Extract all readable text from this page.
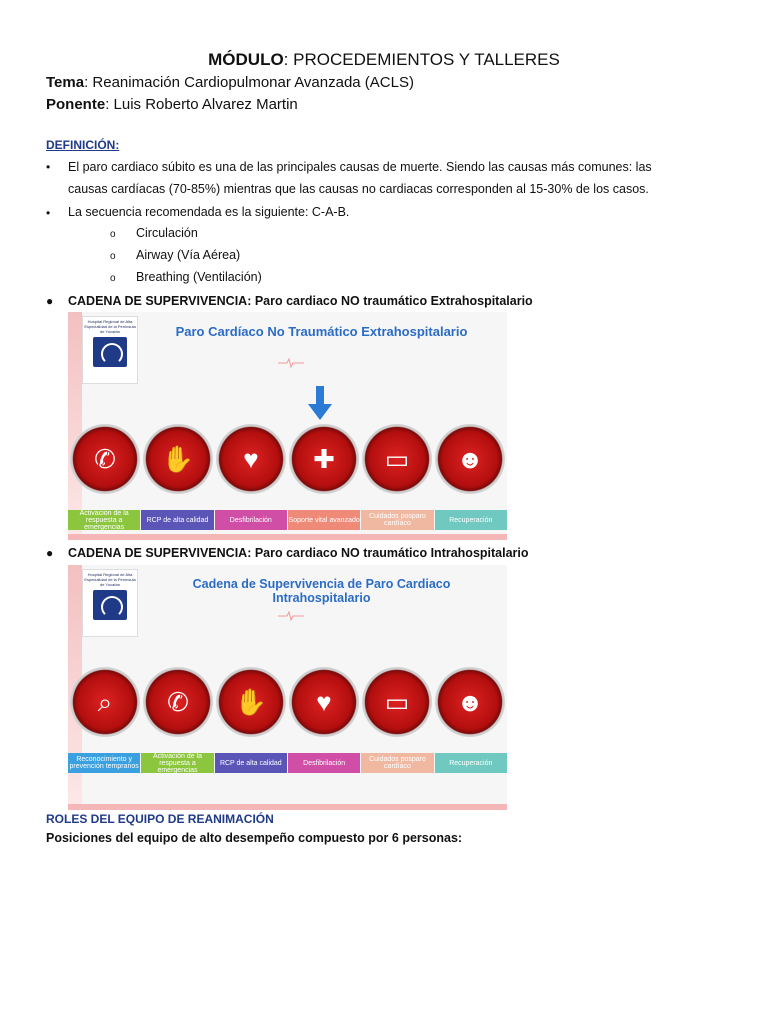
MÓDULO: PROCEDEMIENTOS Y TALLERES
Tema: Reanimación Cardiopulmonar Avanzada (ACLS)
Ponente: Luis Roberto Alvarez Martin
DEFINICIÓN:
• El paro cardiaco súbito es una de las principales causas de muerte. Siendo las causas más comunes: las
causas cardíacas (70-85%) mientras que las causas no cardiacas corresponden al 15-30% de los casos.
• La secuencia recomendada es la siguiente: C-A-B.
o Circulación
o Airway (Vía Aérea)
o Breathing (Ventilación)
● CADENA DE SUPERVIVENCIA: Paro cardiaco NO traumático Extrahospitalario
Hospital Regional de Alta Especialidad de la Península de Yucatán	Paro Cardíaco No Traumático Extrahospitalario
✆ ✋ ♥ ✚ ▭ ☻
Activación de la respuesta a emergencias
RCP de alta calidad	Desfibrilación	Soporte vital avanzado	Cuidados posparo cardíaco	Recuperación
● CADENA DE SUPERVIVENCIA: Paro cardiaco NO traumático Intrahospitalario
Hospital Regional de Alta Especialidad de la Península de Yucatán	Cadena de Supervivencia de Paro Cardiaco Intrahospitalario
⌕ ✆ ✋ ♥ ▭ ☻
Reconocimiento y prevención tempranos
Activación de la respuesta a emergencias
RCP de alta calidad	Desfibrilación	Cuidados posparo cardíaco	Recuperación
ROLES DEL EQUIPO DE REANIMACIÓN
Posiciones del equipo de alto desempeño compuesto por 6 personas:
